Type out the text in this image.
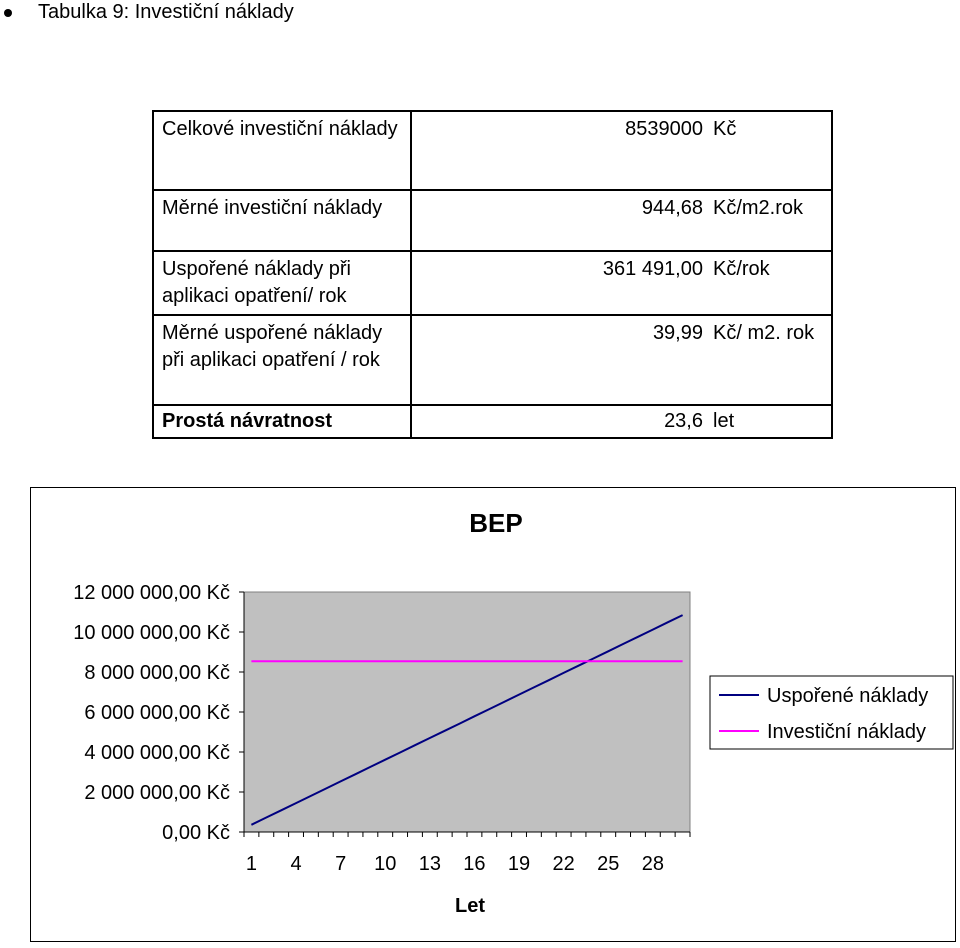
Tabulka 9: Investiční náklady
Celkové investiční náklady	8539000	Kč
Měrné investiční náklady	944,68	Kč/m2.rok
Uspořené náklady při aplikaci opatření/ rok	361 491,00	Kč/rok
Měrné uspořené náklady při aplikaci opatření / rok	39,99	Kč/ m2. rok
Prostá návratnost	23,6	let
BEP
12 000 000,00 Kč
10 000 000,00 Kč
8 000 000,00 Kč
6 000 000,00 Kč
4 000 000,00 Kč
2 000 000,00 Kč
0,00 Kč
1 4 7 10 13 16 19 22 25 28
Let
Uspořené náklady
Investiční náklady
